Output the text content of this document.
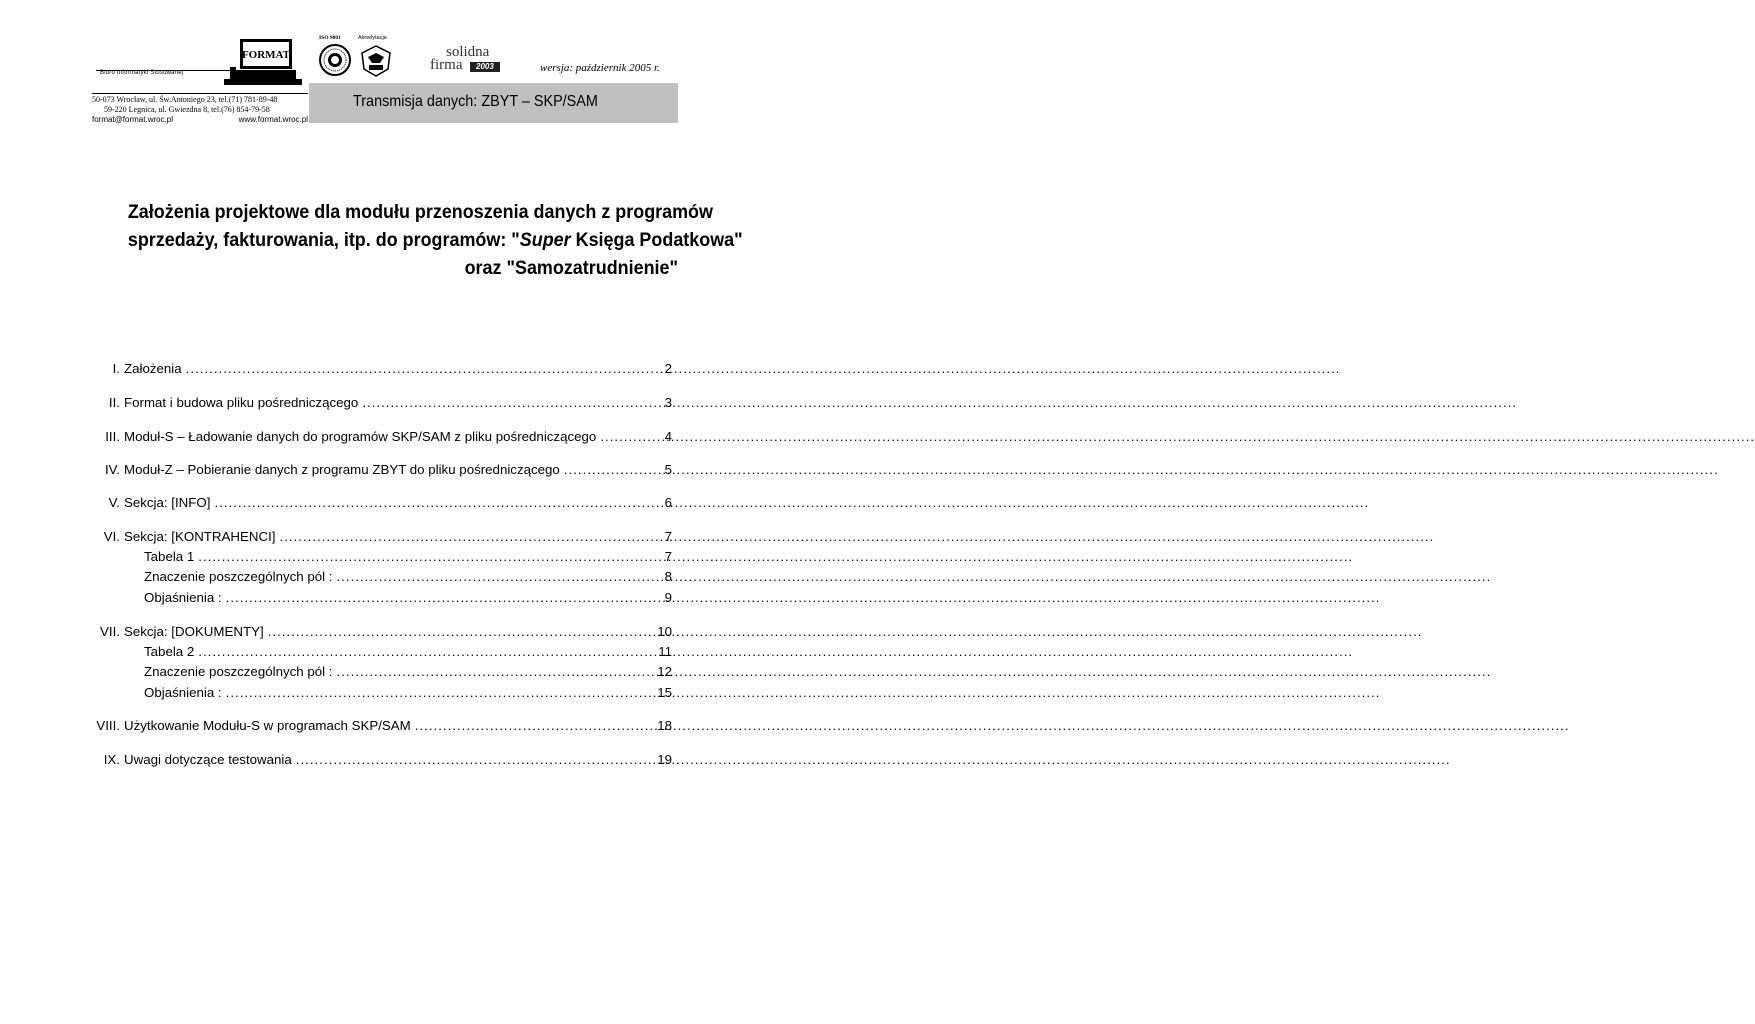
Biuro Informatyki Stosowanej
FORMAT
50-073 Wrocław, ul. Św.Antoniego 23, tel.(71) 781-89-48
59-220 Legnica, ul. Gwiezdna 8, tel.(76) 854-79-58
format@format.wroc.pl	www.format.wroc.pl
ISO 9001	Akredytacja
solidna
firma	2003	wersja: październik 2005 r.
Transmisja danych: ZBYT – SKP/SAM
Założenia projektowe dla modułu przenoszenia danych z programów
sprzedaży, fakturowania, itp. do programów: "Super Księga Podatkowa"
oraz "Samozatrudnienie"
I. Założenia .....	2
II. Format i budowa pliku pośredniczącego .....	3
III. Moduł-S – Ładowanie danych do programów SKP/SAM z pliku pośredniczącego .....	4
IV. Moduł-Z – Pobieranie danych z programu ZBYT do pliku pośredniczącego .....	5
V. Sekcja: [INFO] .....	6
VI. Sekcja: [KONTRAHENCI] .....	7
Tabela 1 .....	7
Znaczenie poszczególnych pól : .....	8
Objaśnienia : .....	9
VII. Sekcja: [DOKUMENTY] .....	10
Tabela 2 .....	11
Znaczenie poszczególnych pól : .....	12
Objaśnienia : .....	15
VIII. Użytkowanie Modułu-S w programach SKP/SAM .....	18
IX. Uwagi dotyczące testowania .....	19
